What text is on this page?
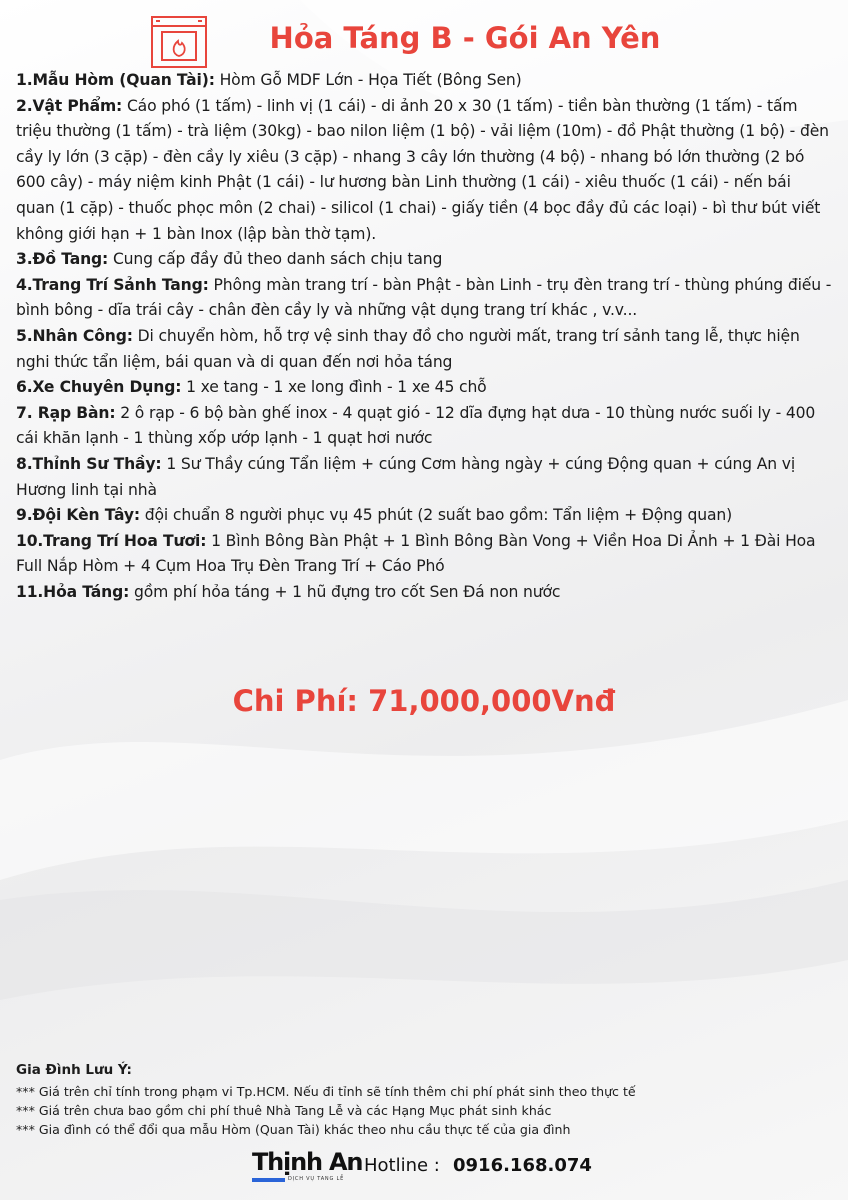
Hỏa Táng B - Gói An Yên

1.Mẫu Hòm (Quan Tài): Hòm Gỗ MDF Lớn - Họa Tiết (Bông Sen)

2.Vật Phẩm: Cáo phó (1 tấm) - linh vị (1 cái) - di ảnh 20 x 30 (1 tấm) - tiền bàn thường (1 tấm) - tấm triệu thường (1 tấm) - trà liệm (30kg) - bao nilon liệm (1 bộ) - vải liệm (10m) - đồ Phật thường (1 bộ) - đèn cầy ly lớn (3 cặp) - đèn cầy ly xiêu (3 cặp) - nhang 3 cây lớn thường (4 bộ) - nhang bó lớn thường (2 bó 600 cây) - máy niệm kinh Phật (1 cái) - lư hương bàn Linh thường (1 cái) - xiêu thuốc (1 cái) - nến bái quan (1 cặp) - thuốc phọc môn (2 chai) - silicol (1 chai) - giấy tiền (4 bọc đầy đủ các loại) - bì thư bút viết không giới hạn + 1 bàn Inox (lập bàn thờ tạm).

3.Đồ Tang: Cung cấp đầy đủ theo danh sách chịu tang

4.Trang Trí Sảnh Tang: Phông màn trang trí - bàn Phật - bàn Linh - trụ đèn trang trí - thùng phúng điếu - bình bông - dĩa trái cây - chân đèn cầy ly và những vật dụng trang trí khác , v.v...

5.Nhân Công: Di chuyển hòm, hỗ trợ vệ sinh thay đồ cho người mất, trang trí sảnh tang lễ, thực hiện nghi thức tẩn liệm, bái quan và di quan đến nơi hỏa táng

6.Xe Chuyên Dụng: 1 xe tang - 1 xe long đình - 1 xe 45 chỗ

7. Rạp Bàn: 2 ô rạp - 6 bộ bàn ghế inox - 4 quạt gió - 12 dĩa đựng hạt dưa - 10 thùng nước suối ly - 400 cái khăn lạnh - 1 thùng xốp ướp lạnh - 1 quạt hơi nước

8.Thỉnh Sư Thầy: 1 Sư Thầy cúng Tẩn liệm + cúng Cơm hàng ngày + cúng Động quan + cúng An vị Hương linh tại nhà

9.Đội Kèn Tây: đội chuẩn 8 người phục vụ 45 phút (2 suất bao gồm: Tẩn liệm + Động quan)

10.Trang Trí Hoa Tươi: 1 Bình Bông Bàn Phật + 1 Bình Bông Bàn Vong + Viền Hoa Di Ảnh + 1 Đài Hoa Full Nắp Hòm + 4 Cụm Hoa Trụ Đèn Trang Trí + Cáo Phó

11.Hỏa Táng: gồm phí hỏa táng + 1 hũ đựng tro cốt Sen Đá non nước

Chi Phí: 71,000,000Vnđ

Gia Đình Lưu Ý:

*** Giá trên chỉ tính trong phạm vi Tp.HCM. Nếu đi tỉnh sẽ tính thêm chi phí phát sinh theo thực tế

*** Giá trên chưa bao gồm chi phí thuê Nhà Tang Lễ và các Hạng Mục phát sinh khác

*** Gia đình có thể đổi qua mẫu Hòm (Quan Tài) khác theo nhu cầu thực tế của gia đình

Thịnh An
DỊCH VỤ TANG LỄ
Hotline : 0916.168.074
